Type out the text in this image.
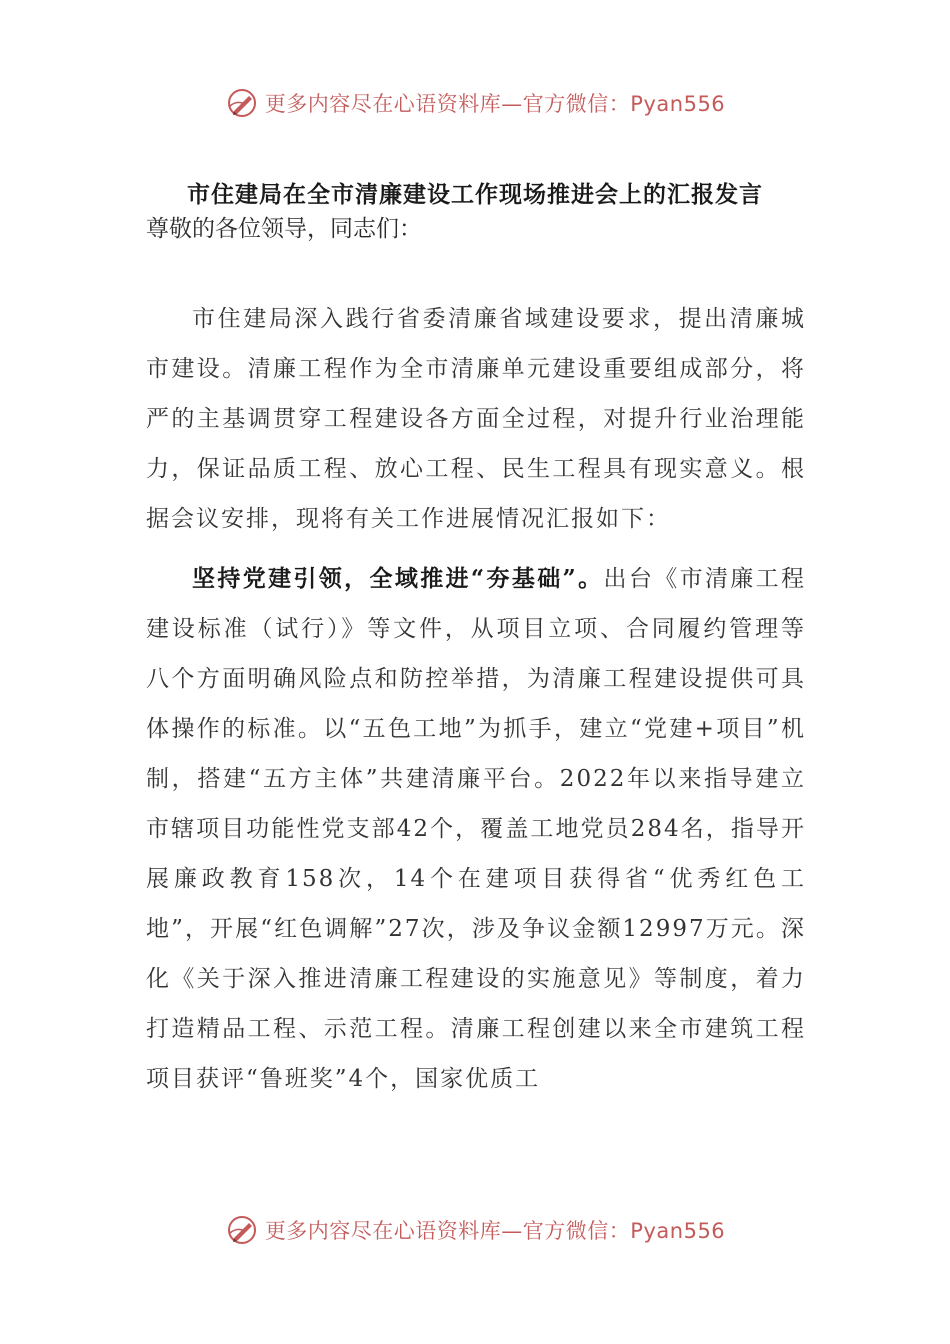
更多内容尽在心语资料库—官方微信：Pyan556
市住建局在全市清廉建设工作现场推进会上的汇报发言

尊敬的各位领导，同志们：

市住建局深入践行省委清廉省域建设要求，提出清廉城市建设。清廉工程作为全市清廉单元建设重要组成部分，将严的主基调贯穿工程建设各方面全过程，对提升行业治理能力，保证品质工程、放心工程、民生工程具有现实意义。根据会议安排，现将有关工作进展情况汇报如下：

坚持党建引领，全域推进“夯基础”。出台《市清廉工程建设标准（试行）》等文件，从项目立项、合同履约管理等八个方面明确风险点和防控举措，为清廉工程建设提供可具体操作的标准。以“五色工地”为抓手，建立“党建+项目”机制，搭建“五方主体”共建清廉平台。2022年以来指导建立市辖项目功能性党支部42个，覆盖工地党员284名，指导开展廉政教育158次，14个在建项目获得省“优秀红色工地”，开展“红色调解”27次，涉及争议金额12997万元。深化《关于深入推进清廉工程建设的实施意见》等制度，着力打造精品工程、示范工程。清廉工程创建以来全市建筑工程项目获评“鲁班奖”4个，国家优质工

更多内容尽在心语资料库—官方微信：Pyan556
